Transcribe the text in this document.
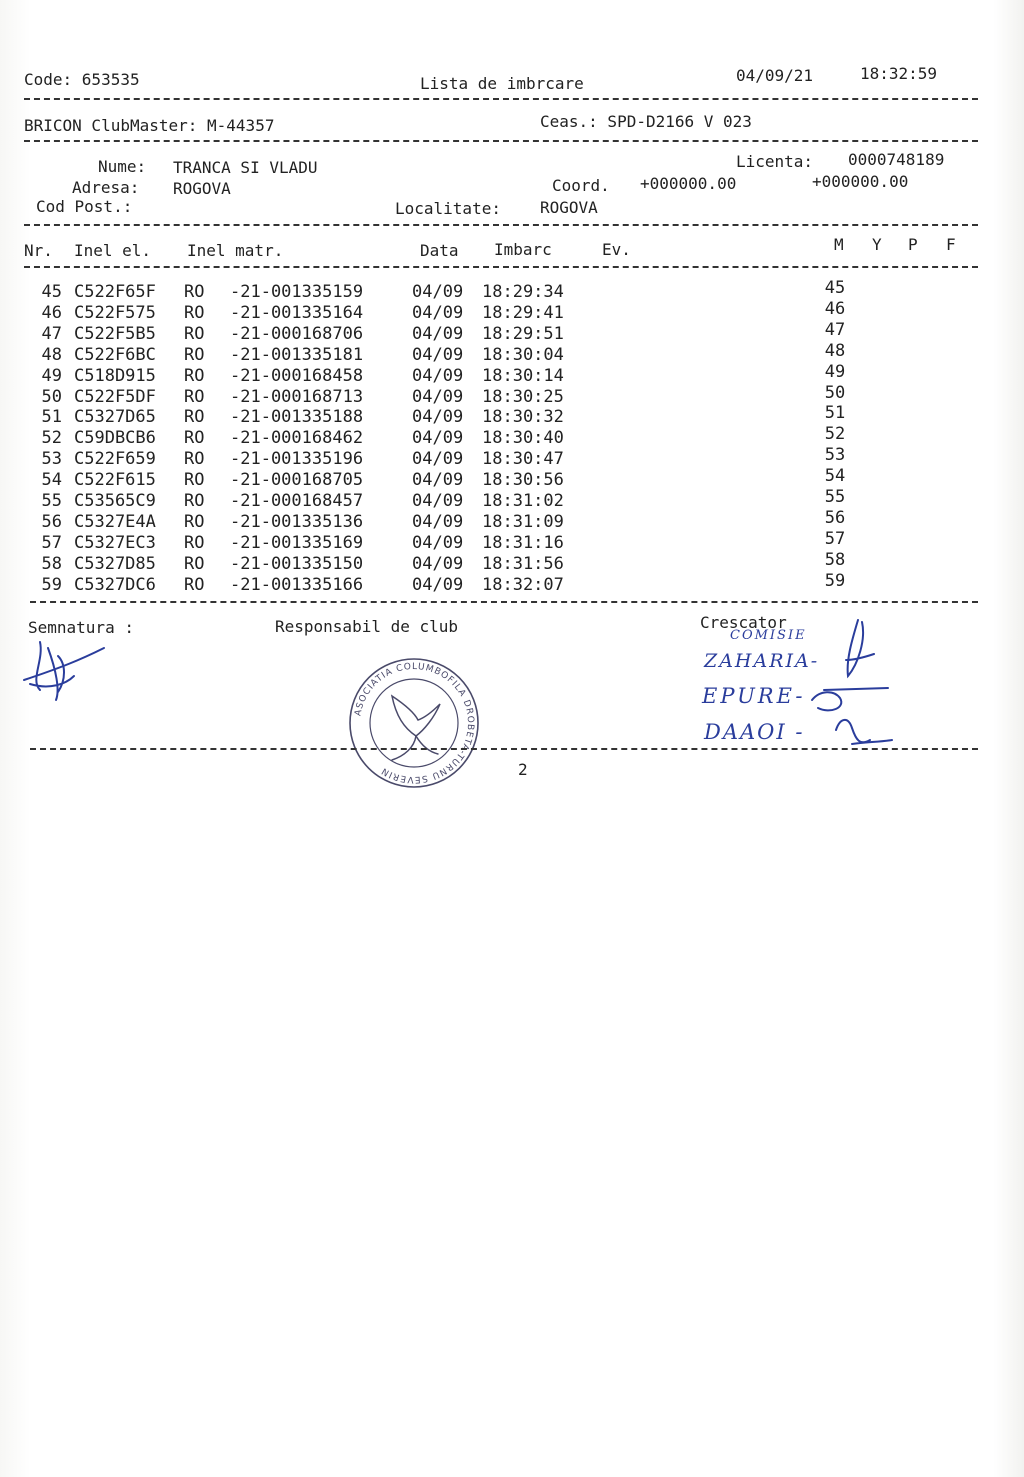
Code: 653535	Lista de imbrcare	04/09/21	18:32:59
BRICON ClubMaster: M-44357	Ceas.: SPD-D2166 V 023
Nume: TRANCA SI VLADU	Licenta: 0000748189
Adresa: ROGOVA	Coord. +000000.00	+000000.00
Cod Post.:	Localitate: ROGOVA
Nr. Inel el. Inel matr.	Data Imbarc	Ev.	M Y P F
45 C522F65F RO -21-001335159	04/09 18:29:34	45
46 C522F575 RO -21-001335164	04/09 18:29:41	46
47 C522F5B5 RO -21-000168706	04/09 18:29:51	47
48 C522F6BC RO -21-001335181	04/09 18:30:04	48
49 C518D915 RO -21-000168458	04/09 18:30:14	49
50 C522F5DF RO -21-000168713	04/09 18:30:25	50
51 C5327D65 RO -21-001335188	04/09 18:30:32	51
52 C59DBCB6 RO -21-000168462	04/09 18:30:40	52
53 C522F659 RO -21-001335196	04/09 18:30:47	53
54 C522F615 RO -21-000168705	04/09 18:30:56	54
55 C53565C9 RO -21-000168457	04/09 18:31:02	55
56 C5327E4A RO -21-001335136	04/09 18:31:09	56
57 C5327EC3 RO -21-001335169	04/09 18:31:16	57
58 C5327D85 RO -21-001335150	04/09 18:31:56	58
59 C5327DC6 RO -21-001335166	04/09 18:32:07	59
Semnatura :	Responsabil de club	Crescator
COMISIE
ZAHARIA-
EPURE-
DAAOI -
ASOCIATIA COLUMBOFILA DROBETA-TURNU SEVERIN	2
